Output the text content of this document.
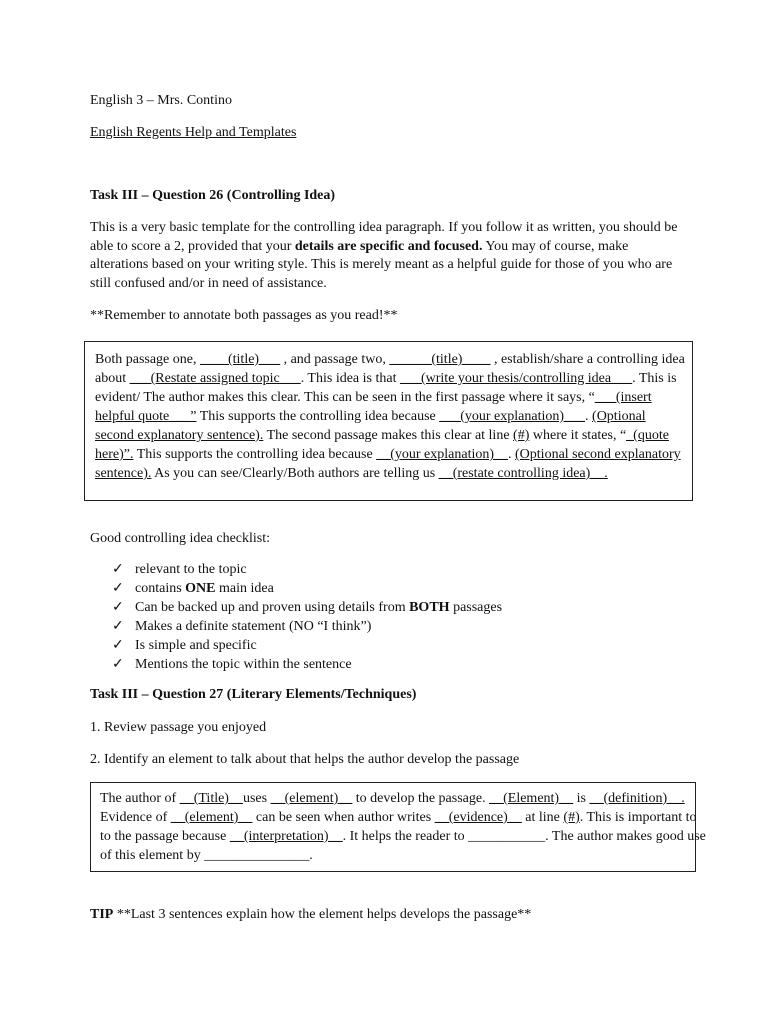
English 3 – Mrs. Contino
English Regents Help and Templates
Task III – Question 26 (Controlling Idea)
This is a very basic template for the controlling idea paragraph. If you follow it as written, you should be
able to score a 2, provided that your details are specific and focused. You may of course, make
alterations based on your writing style. This is merely meant as a helpful guide for those of you who are
still confused and/or in need of assistance.
**Remember to annotate both passages as you read!**
Both passage one, ____(title)___ , and passage two, ______(title)____ , establish/share a controlling idea
about ___(Restate assigned topic___. This idea is that ___(write your thesis/controlling idea___. This is
evident/ The author makes this clear. This can be seen in the first passage where it says, “___(insert
helpful quote___” This supports the controlling idea because ___(your explanation)___. (Optional
second explanatory sentence). The second passage makes this clear at line (#) where it states, “_(quote
here)”. This supports the controlling idea because __(your explanation)__. (Optional second explanatory
sentence). As you can see/Clearly/Both authors are telling us __(restate controlling idea)__.
Good controlling idea checklist:
✓ relevant to the topic
✓ contains ONE main idea
✓ Can be backed up and proven using details from BOTH passages
✓ Makes a definite statement (NO “I think”)
✓ Is simple and specific
✓ Mentions the topic within the sentence
Task III – Question 27 (Literary Elements/Techniques)
1. Review passage you enjoyed
2. Identify an element to talk about that helps the author develop the passage
The author of __(Title)__uses __(element)__ to develop the passage. __(Element)__ is __(definition)__.
Evidence of __(element)__ can be seen when author writes __(evidence)__ at line (#). This is important to
to the passage because __(interpretation)__. It helps the reader to ___________. The author makes good use
of this element by _______________.
TIP **Last 3 sentences explain how the element helps develops the passage**
